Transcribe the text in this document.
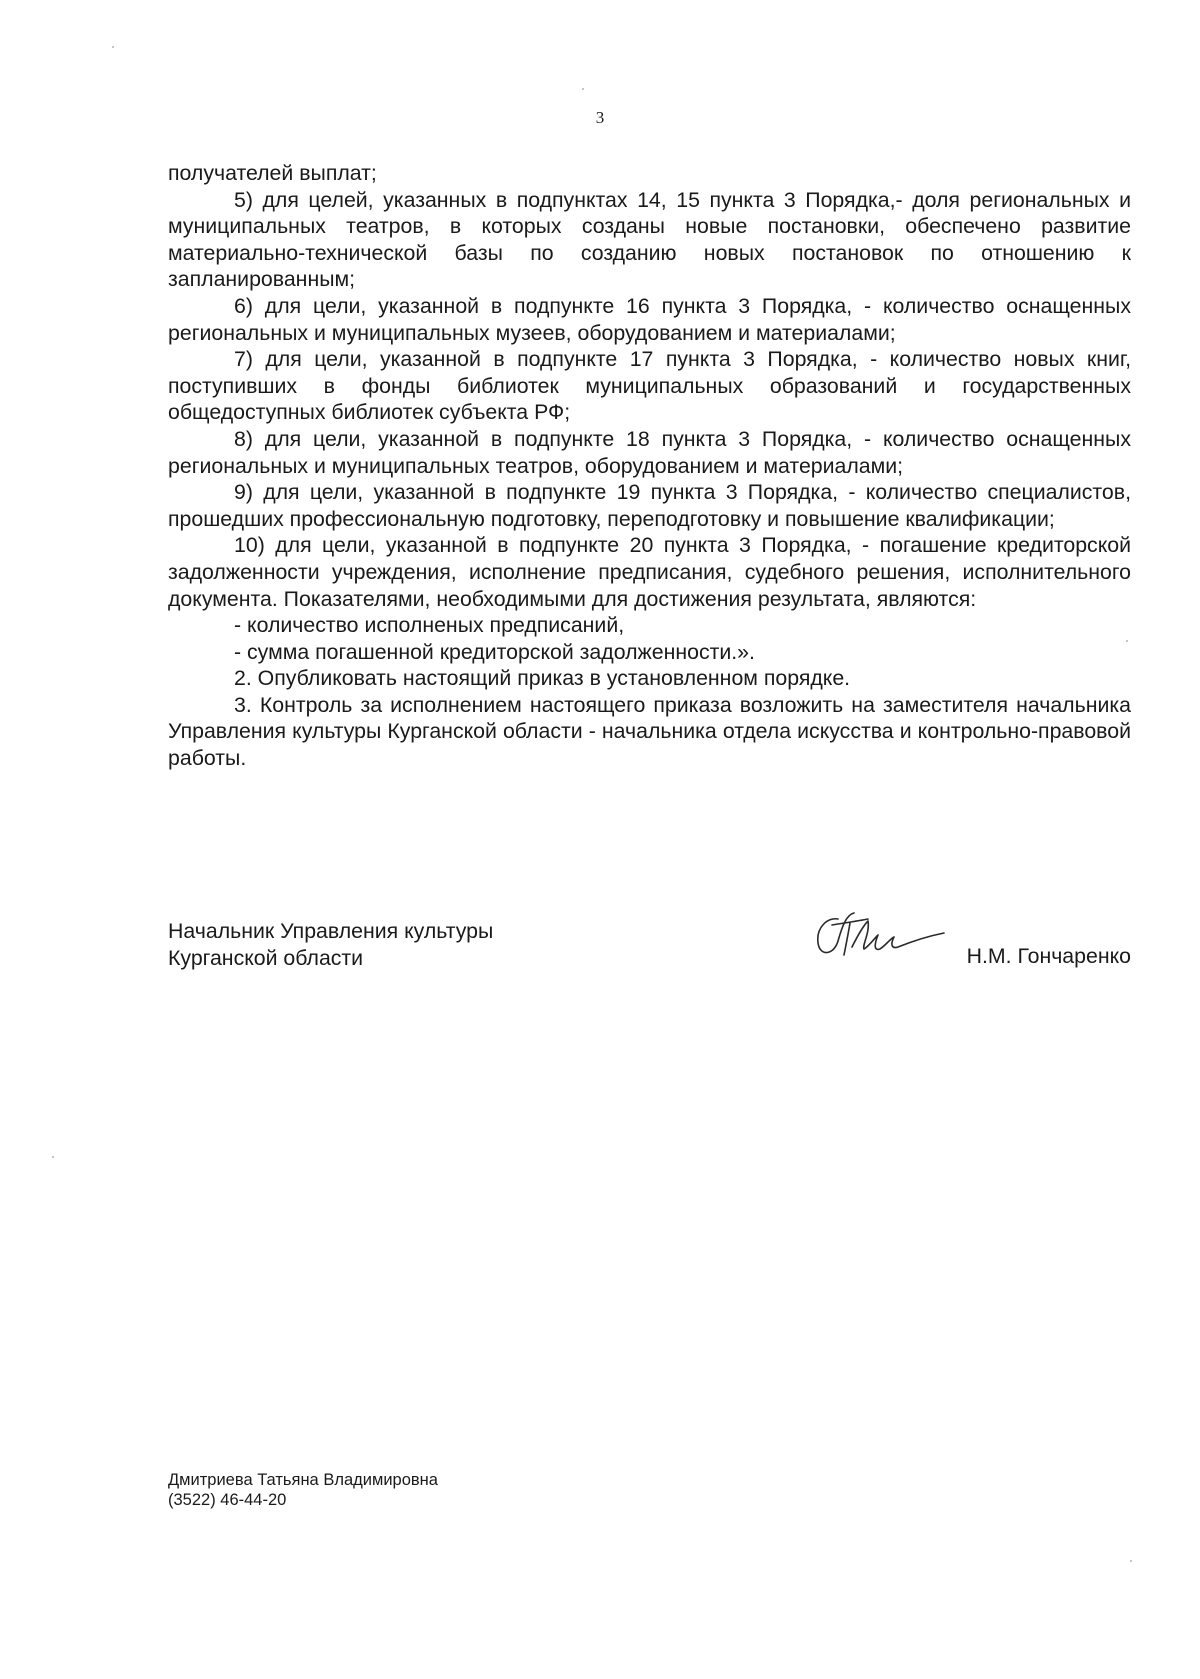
3

получателей выплат;

5) для целей, указанных в подпунктах 14, 15 пункта 3 Порядка,- доля региональных и муниципальных театров, в которых созданы новые постановки, обеспечено развитие материально-технической базы по созданию новых постановок по отношению к запланированным;

6) для цели, указанной в подпункте 16 пункта 3 Порядка, - количество оснащенных региональных и муниципальных музеев, оборудованием и материалами;

7) для цели, указанной в подпункте 17 пункта 3 Порядка, - количество новых книг, поступивших в фонды библиотек муниципальных образований и государственных общедоступных библиотек субъекта РФ;

8) для цели, указанной в подпункте 18 пункта 3 Порядка, - количество оснащенных региональных и муниципальных театров, оборудованием и материалами;

9) для цели, указанной в подпункте 19 пункта 3 Порядка, - количество специалистов, прошедших профессиональную подготовку, переподготовку и повышение квалификации;

10) для цели, указанной в подпункте 20 пункта 3 Порядка, - погашение кредиторской задолженности учреждения, исполнение предписания, судебного решения, исполнительного документа. Показателями, необходимыми для достижения результата, являются:

- количество исполненых предписаний,

- сумма погашенной кредиторской задолженности.».

2. Опубликовать настоящий приказ в установленном порядке.

3. Контроль за исполнением настоящего приказа возложить на заместителя начальника Управления культуры Курганской области - начальника отдела искусства и контрольно-правовой работы.

Начальник Управления культуры
Курганской области	Н.М. Гончаренко
Дмитриева Татьяна Владимировна
(3522) 46-44-20
